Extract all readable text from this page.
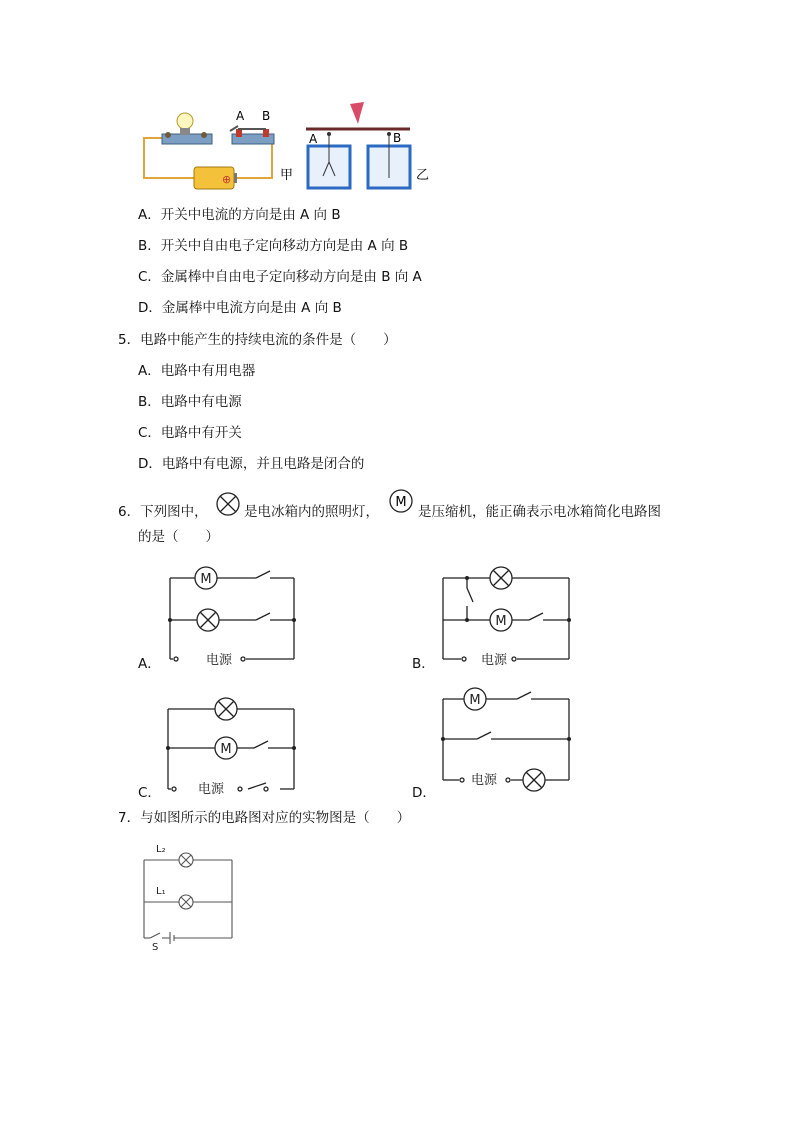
A B
⊕	甲
A	B
乙
A．开关中电流的方向是由 A 向 B
B．开关中自由电子定向移动方向是由 A 向 B
C．金属棒中自由电子定向移动方向是由 B 向 A
D．金属棒中电流方向是由 A 向 B
5．电路中能产生的持续电流的条件是（　　）
A．电路中有用电器
B．电路中有电源
C．电路中有开关
D．电路中有电源，并且电路是闭合的
6．下列图中，	是电冰箱内的照明灯，
M
是压缩机，能正确表示电冰箱简化电路图
的是（　　）
M
电源
A．
M
电源
B．
M
电源
C．
M
电源
D．
7．与如图所示的电路图对应的实物图是（　　）
L₂
L₁
S
